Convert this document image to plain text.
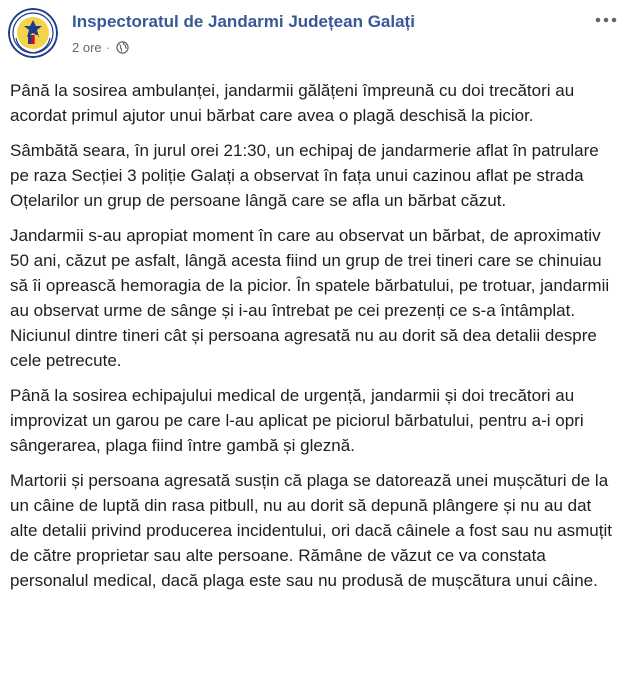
Inspectoratul de Jandarmi Județean Galați
2 ore ·

Până la sosirea ambulanței, jandarmii gălățeni împreună cu doi trecători au acordat primul ajutor unui bărbat care avea o plagă deschisă la picior.

Sâmbătă seara, în jurul orei 21:30, un echipaj de jandarmerie aflat în patrulare pe raza Secției 3 poliție Galați a observat în fața unui cazinou aflat pe strada Oțelarilor un grup de persoane lângă care se afla un bărbat căzut.

Jandarmii s-au apropiat moment în care au observat un bărbat, de aproximativ 50 ani, căzut pe asfalt, lângă acesta fiind un grup de trei tineri care se chinuiau să îi oprească hemoragia de la picior. În spatele bărbatului, pe trotuar, jandarmii au observat urme de sânge și i-au întrebat pe cei prezenți ce s-a întâmplat. Niciunul dintre tineri cât și persoana agresată nu au dorit să dea detalii despre cele petrecute.

Până la sosirea echipajului medical de urgență, jandarmii și doi trecători au improvizat un garou pe care l-au aplicat pe piciorul bărbatului, pentru a-i opri sângerarea, plaga fiind între gambă și gleznă.

Martorii și persoana agresată susțin că plaga se datorează unei mușcături de la un câine de luptă din rasa pitbull, nu au dorit să depună plângere și nu au dat alte detalii privind producerea incidentului, ori dacă câinele a fost sau nu asmuțit de către proprietar sau alte persoane. Rămâne de văzut ce va constata personalul medical, dacă plaga este sau nu produsă de mușcătura unui câine.
